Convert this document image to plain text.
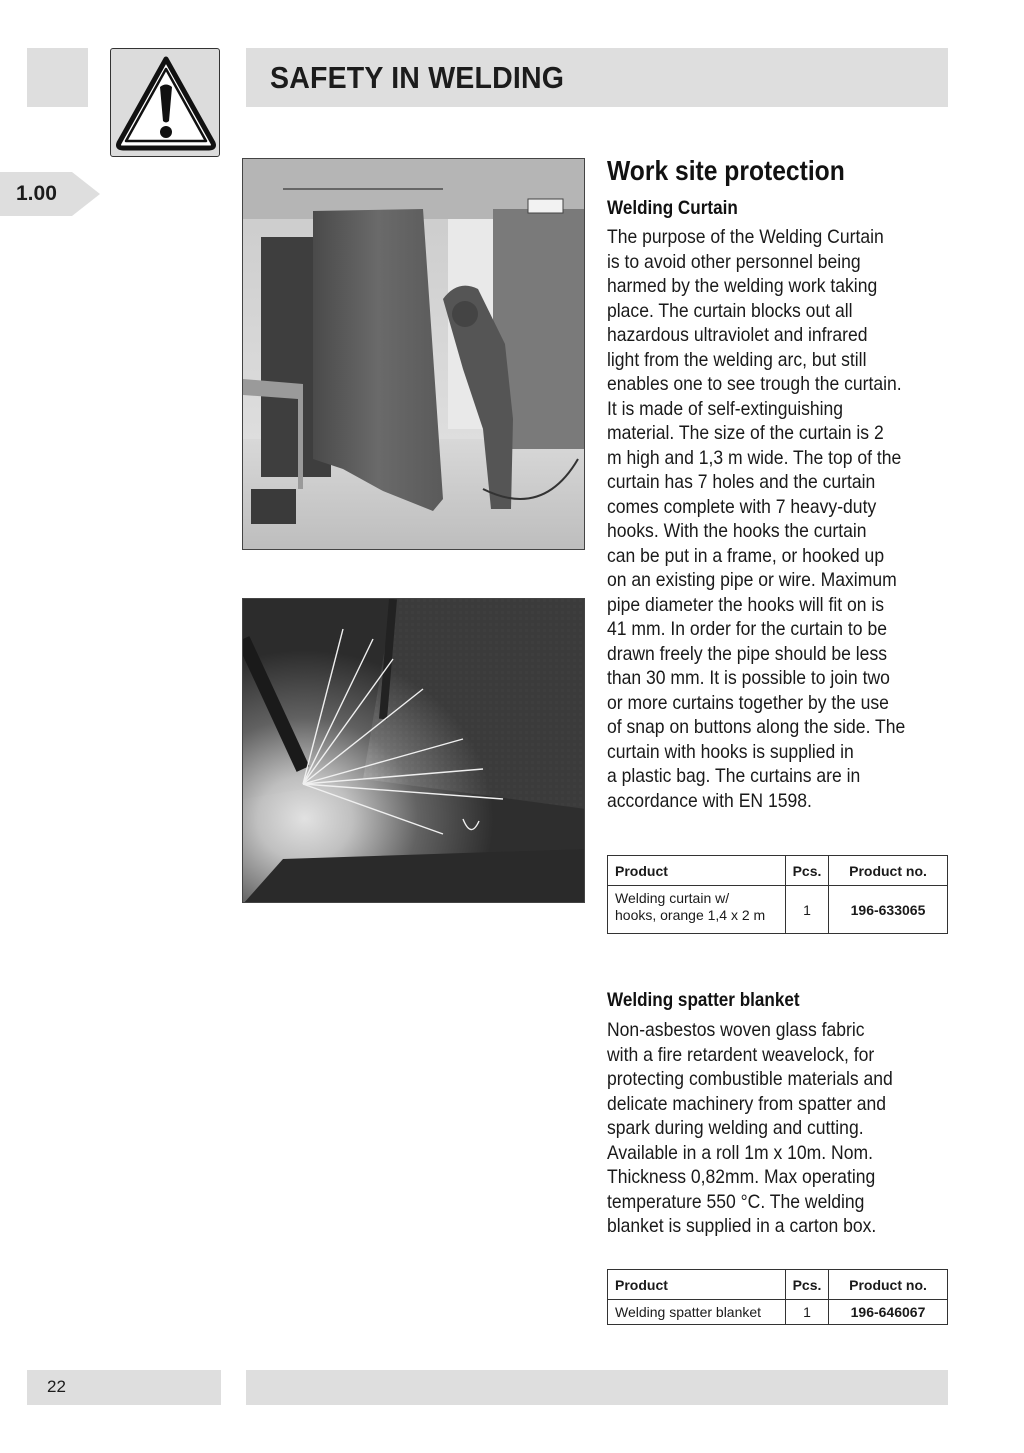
SAFETY IN WELDING
1.00
Work site protection
Welding Curtain
The purpose of the Welding Curtain
is to avoid other personnel being
harmed by the welding work taking
place. The curtain blocks out all
hazardous ultraviolet and infrared
light from the welding arc, but still
enables one to see trough the curtain.
It is made of self-extinguishing
material. The size of the curtain is 2
m high and 1,3 m wide. The top of the
curtain has 7 holes and the curtain
comes complete with 7 heavy-duty
hooks. With the hooks the curtain
can be put in a frame, or hooked up
on an existing pipe or wire. Maximum
pipe diameter the hooks will fit on is
41 mm. In order for the curtain to be
drawn freely the pipe should be less
than 30 mm. It is possible to join two
or more curtains together by the use
of snap on buttons along the side. The
curtain with hooks is supplied in
a plastic bag. The curtains are in
accordance with EN 1598.
Product	Pcs.	Product no.
Welding curtain w/
hooks, orange 1,4 x 2 m	1	196-633065
Welding spatter blanket
Non-asbestos woven glass fabric
with a fire retardent weavelock, for
protecting combustible materials and
delicate machinery from spatter and
spark during welding and cutting.
Available in a roll 1m x 10m. Nom.
Thickness 0,82mm. Max operating
temperature 550 °C. The welding
blanket is supplied in a carton box.
Product	Pcs.	Product no.
Welding spatter blanket	1	196-646067
22
